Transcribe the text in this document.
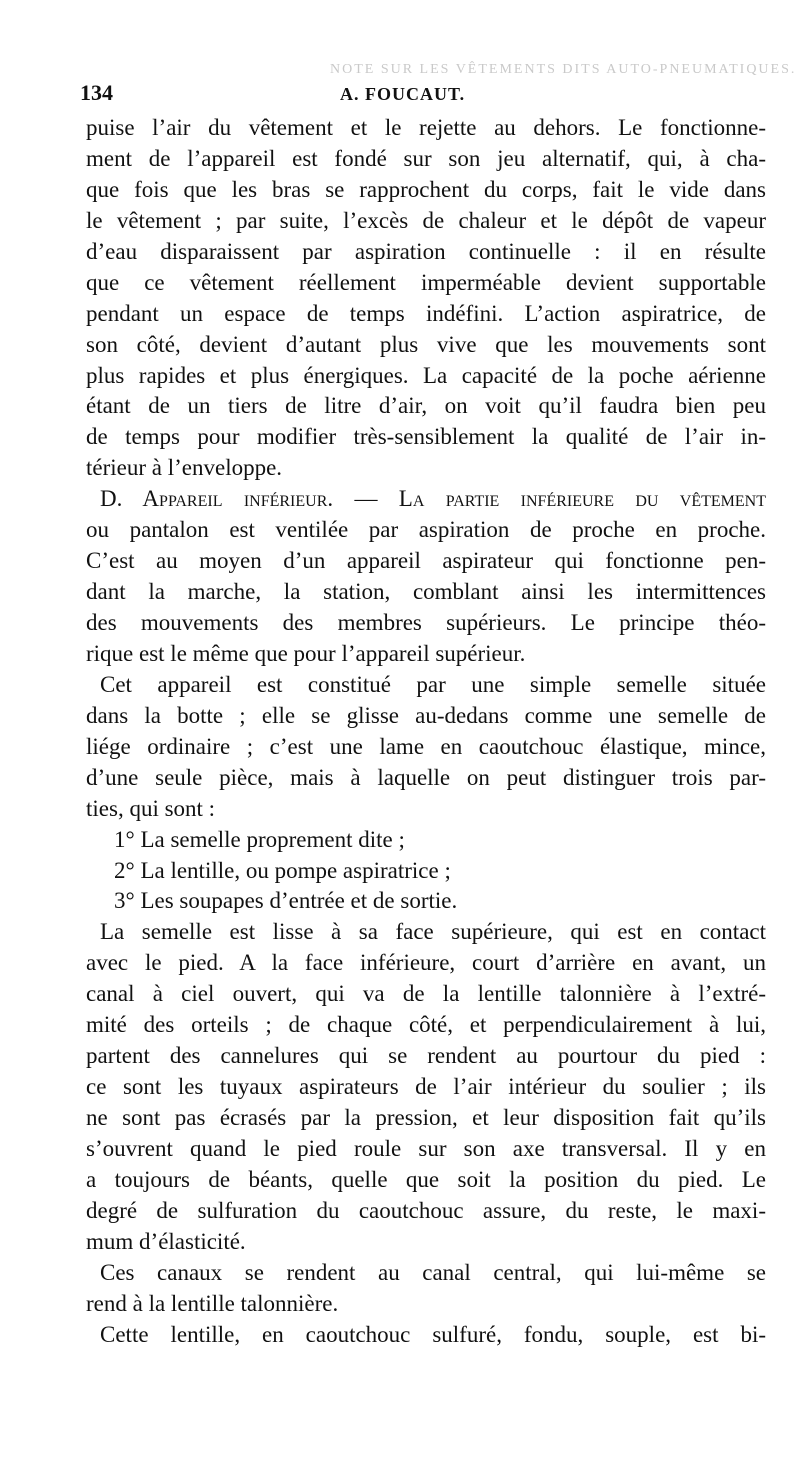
NOTE SUR LES VÊTEMENTS DITS AUTO-PNEUMATIQUES.
134	A. FOUCAUT.
puise l’air du vêtement et le rejette au dehors. Le fonctionne-
ment de l’appareil est fondé sur son jeu alternatif, qui, à cha-
que fois que les bras se rapprochent du corps, fait le vide dans
le vêtement ; par suite, l’excès de chaleur et le dépôt de vapeur
d’eau disparaissent par aspiration continuelle : il en résulte
que ce vêtement réellement imperméable devient supportable
pendant un espace de temps indéfini. L’action aspiratrice, de
son côté, devient d’autant plus vive que les mouvements sont
plus rapides et plus énergiques. La capacité de la poche aérienne
étant de un tiers de litre d’air, on voit qu’il faudra bien peu
de temps pour modifier très-sensiblement la qualité de l’air in-
térieur à l’enveloppe.
D. Appareil inférieur. — La partie inférieure du vêtement
ou pantalon est ventilée par aspiration de proche en proche.
C’est au moyen d’un appareil aspirateur qui fonctionne pen-
dant la marche, la station, comblant ainsi les intermittences
des mouvements des membres supérieurs. Le principe théo-
rique est le même que pour l’appareil supérieur.
Cet appareil est constitué par une simple semelle située
dans la botte ; elle se glisse au-dedans comme une semelle de
liége ordinaire ; c’est une lame en caoutchouc élastique, mince,
d’une seule pièce, mais à laquelle on peut distinguer trois par-
ties, qui sont :
1° La semelle proprement dite ;
2° La lentille, ou pompe aspiratrice ;
3° Les soupapes d’entrée et de sortie.
La semelle est lisse à sa face supérieure, qui est en contact
avec le pied. A la face inférieure, court d’arrière en avant, un
canal à ciel ouvert, qui va de la lentille talonnière à l’extré-
mité des orteils ; de chaque côté, et perpendiculairement à lui,
partent des cannelures qui se rendent au pourtour du pied :
ce sont les tuyaux aspirateurs de l’air intérieur du soulier ; ils
ne sont pas écrasés par la pression, et leur disposition fait qu’ils
s’ouvrent quand le pied roule sur son axe transversal. Il y en
a toujours de béants, quelle que soit la position du pied. Le
degré de sulfuration du caoutchouc assure, du reste, le maxi-
mum d’élasticité.
Ces canaux se rendent au canal central, qui lui-même se
rend à la lentille talonnière.
Cette lentille, en caoutchouc sulfuré, fondu, souple, est bi-
